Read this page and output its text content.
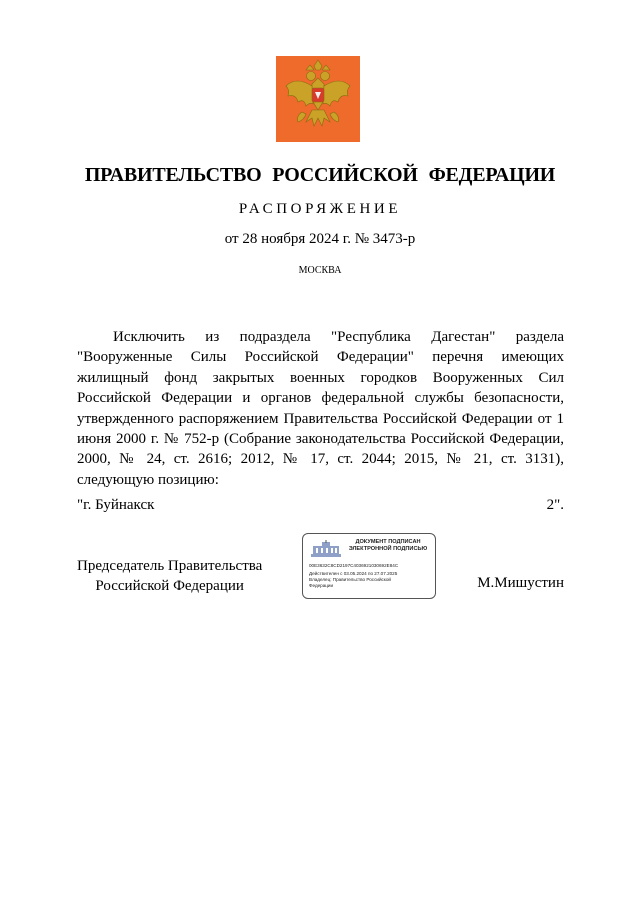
ПРАВИТЕЛЬСТВО РОССИЙСКОЙ ФЕДЕРАЦИИ
РАСПОРЯЖЕНИЕ
от 28 ноября 2024 г. № 3473-р
МОСКВА

Исключить из подраздела "Республика Дагестан" раздела "Вооруженные Силы Российской Федерации" перечня имеющих жилищный фонд закрытых военных городков Вооруженных Сил Российской Федерации и органов федеральной службы безопасности, утвержденного распоряжением Правительства Российской Федерации от 1 июня 2000 г. № 752-р (Собрание законодательства Российской Федерации, 2000, № 24, ст. 2616; 2012, № 17, ст. 2044; 2015, № 21, ст. 3131), следующую позицию:

"г. Буйнакск	2".
Председатель Правительства
Российской Федерации
ДОКУМЕНТ ПОДПИСАН
ЭЛЕКТРОННОЙ ПОДПИСЬЮ
00E3632C8CD2197C4036921030692E84C
Действителен с 03.05.2024 по 27.07.2025
Владелец: Правительство Российской
Федерации	М.Мишустин
